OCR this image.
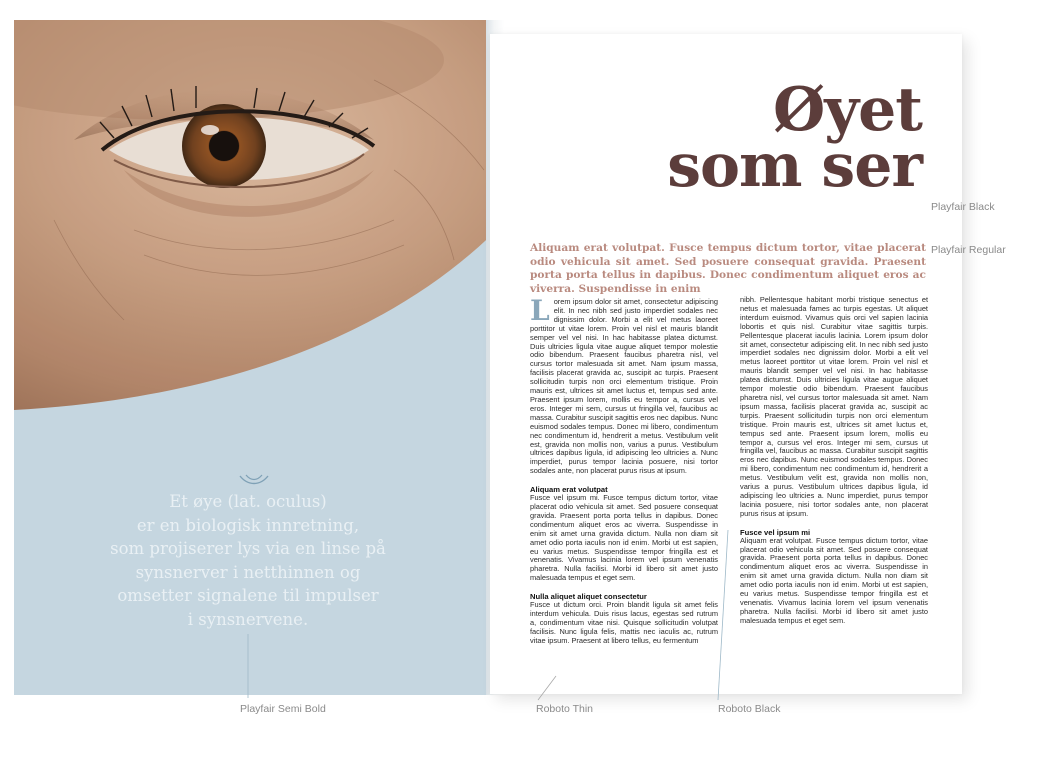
Et øye (lat. oculus)
er en biologisk innretning,
som projiserer lys via en linse på
synsnerver i netthinnen og
omsetter signalene til impulser
i synsnervene.

Øyet
som ser

Aliquam erat volutpat. Fusce tempus dictum tortor, vitae placerat odio vehicula sit amet. Sed posuere consequat gravida. Praesent porta porta tellus in dapibus. Donec condimentum aliquet eros ac viverra. Suspendisse in enim

Lorem ipsum dolor sit amet, consectetur adipiscing elit. In nec nibh sed justo imperdiet sodales nec dignissim dolor. Morbi a elit vel metus laoreet porttitor ut vitae lorem. Proin vel nisl et mauris blandit semper vel vel nisi. In hac habitasse platea dictumst. Duis ultricies ligula vitae augue aliquet tempor molestie odio bibendum. Praesent faucibus pharetra nisl, vel cursus tortor malesuada sit amet. Nam ipsum massa, facilisis placerat gravida ac, suscipit ac turpis. Praesent sollicitudin turpis non orci elementum tristique. Proin mauris est, ultrices sit amet luctus et, tempus sed ante. Praesent ipsum lorem, mollis eu tempor a, cursus vel eros. Integer mi sem, cursus ut fringilla vel, faucibus ac massa. Curabitur suscipit sagittis eros nec dapibus. Nunc euismod sodales tempus. Donec mi libero, condimentum nec condimentum id, hendrerit a metus. Vestibulum velit est, gravida non mollis non, varius a purus. Vestibulum ultrices dapibus ligula, id adipiscing leo ultricies a. Nunc imperdiet, purus tempor lacinia posuere, nisi tortor sodales ante, non placerat purus risus at ipsum.

Aliquam erat volutpat

Fusce vel ipsum mi. Fusce tempus dictum tortor, vitae placerat odio vehicula sit amet. Sed posuere consequat gravida. Praesent porta porta tellus in dapibus. Donec condimentum aliquet eros ac viverra. Suspendisse in enim sit amet urna gravida dictum. Nulla non diam sit amet odio porta iaculis non id enim. Morbi ut est sapien, eu varius metus. Suspendisse tempor fringilla est et venenatis. Vivamus lacinia lorem vel ipsum venenatis pharetra. Nulla facilisi. Morbi id libero sit amet justo malesuada tempus et eget sem.

Nulla aliquet aliquet consectetur

Fusce ut dictum orci. Proin blandit ligula sit amet felis interdum vehicula. Duis risus lacus, egestas sed rutrum a, condimentum vitae nisi. Quisque sollicitudin volutpat facilisis. Nunc ligula felis, mattis nec iaculis ac, rutrum vitae ipsum. Praesent at libero tellus, eu fermentum

nibh. Pellentesque habitant morbi tristique senectus et netus et malesuada fames ac turpis egestas. Ut aliquet interdum euismod. Vivamus quis orci vel sapien lacinia lobortis et quis nisl. Curabitur vitae sagittis turpis. Pellentesque placerat iaculis lacinia. Lorem ipsum dolor sit amet, consectetur adipiscing elit. In nec nibh sed justo imperdiet sodales nec dignissim dolor. Morbi a elit vel metus laoreet porttitor ut vitae lorem. Proin vel nisl et mauris blandit semper vel vel nisi. In hac habitasse platea dictumst. Duis ultricies ligula vitae augue aliquet tempor molestie odio bibendum. Praesent faucibus pharetra nisl, vel cursus tortor malesuada sit amet. Nam ipsum massa, facilisis placerat gravida ac, suscipit ac turpis. Praesent sollicitudin turpis non orci elementum tristique. Proin mauris est, ultrices sit amet luctus et, tempus sed ante. Praesent ipsum lorem, mollis eu tempor a, cursus vel eros. Integer mi sem, cursus ut fringilla vel, faucibus ac massa. Curabitur suscipit sagittis eros nec dapibus. Nunc euismod sodales tempus. Donec mi libero, condimentum nec condimentum id, hendrerit a metus. Vestibulum velit est, gravida non mollis non, varius a purus. Vestibulum ultrices dapibus ligula, id adipiscing leo ultricies a. Nunc imperdiet, purus tempor lacinia posuere, nisi tortor sodales ante, non placerat purus risus at ipsum.

Fusce vel ipsum mi

Aliquam erat volutpat. Fusce tempus dictum tortor, vitae placerat odio vehicula sit amet. Sed posuere consequat gravida. Praesent porta porta tellus in dapibus. Donec condimentum aliquet eros ac viverra. Suspendisse in enim sit amet urna gravida dictum. Nulla non diam sit amet odio porta iaculis non id enim. Morbi ut est sapien, eu varius metus. Suspendisse tempor fringilla est et venenatis. Vivamus lacinia lorem vel ipsum venenatis pharetra. Nulla facilisi. Morbi id libero sit amet justo malesuada tempus et eget sem.

Playfair Black
Playfair Regular
Playfair Semi Bold	Roboto Thin	Roboto Black
